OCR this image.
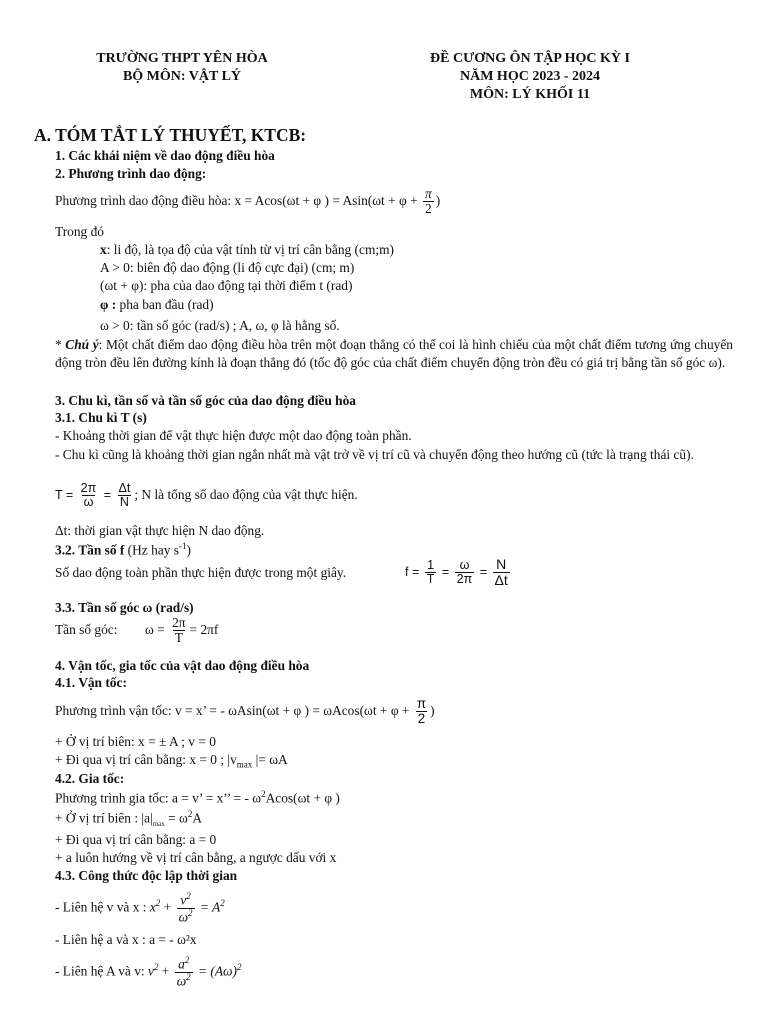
TRƯỜNG THPT YÊN HÒA
BỘ MÔN: VẬT LÝ
ĐỀ CƯƠNG ÔN TẬP HỌC KỲ I
NĂM HỌC 2023 - 2024
MÔN: LÝ KHỐI 11
A. TÓM TẮT LÝ THUYẾT, KTCB:
1. Các khái niệm về dao động điều hòa
2. Phương trình dao động:
Phương trình dao động điều hòa: x = Acos(ωt + φ ) = $Asin(\omega t + \varphi + \frac{\pi}{2}$ )
Trong đó
x: li độ, là tọa độ của vật tính từ vị trí cân bằng (cm;m)
A > 0: biên độ dao động (li độ cực đại) (cm; m)
(ωt + φ): pha của dao động tại thời điểm t (rad)
φ : pha ban đầu (rad)
ω > 0: tần số góc (rad/s) ; A, ω, φ là hằng số.
* Chú ý: Một chất điểm dao động điều hòa trên một đoạn thẳng có thể coi là hình chiếu của một chất điểm tương ứng chuyển động tròn đều lên đường kính là đoạn thẳng đó (tốc độ góc của chất điểm chuyển động tròn đều có giá trị bằng tần số góc ω).
3. Chu kì, tần số và tần số góc của dao động điều hòa
3.1. Chu kì T (s)
- Khoảng thời gian để vật thực hiện được một dao động toàn phần.
- Chu kì cũng là khoảng thời gian ngắn nhất mà vật trở về vị trí cũ và chuyển động theo hướng cũ (tức là trạng thái cũ).
$T = \frac{2\pi}{\omega} = \frac{\Delta t}{N}$ ; N là tổng số dao động của vật thực hiện.
Δt: thời gian vật thực hiện N dao động.
3.2. Tần số f (Hz hay $s^{-1}$)
Số dao động toàn phần thực hiện được trong một giây.	$f = \frac{1}{T} = \frac{\omega}{2\pi} = \frac{N}{\Delta t}$
3.3. Tần số góc ω (rad/s)
Tần số góc: $\omega = \frac{2\pi}{T} = 2\pi f$
4. Vận tốc, gia tốc của vật dao động điều hòa
4.1. Vận tốc:
Phương trình vận tốc: v = x’ = - ωAsin(ωt + φ ) = $\omega Acos(\omega t + \varphi + \frac{\pi}{2}$ )
+ Ở vị trí biên: x = ± A ; v = 0
+ Đi qua vị trí cân bằng: x = 0 ; $|v_{max}$ |= ωA
4.2. Gia tốc:
Phương trình gia tốc: a = v’ = x’’ = - $\omega^2Acos(\omega t + \varphi$ )
+ Ở vị trí biên : $|a|_{max} = \omega^2A$
+ Đi qua vị trí cân bằng: a = 0
+ a luôn hướng về vị trí cân bằng, a ngược dấu với x
4.3. Công thức độc lập thời gian
- Liên hệ v và x : $x^2 + \frac{v^2}{\omega^2} = A^2$
- Liên hệ a và x : a = - ω²x
- Liên hệ A và v: $v^2 + \frac{a^2}{\omega^2} = (A\omega)^2$
